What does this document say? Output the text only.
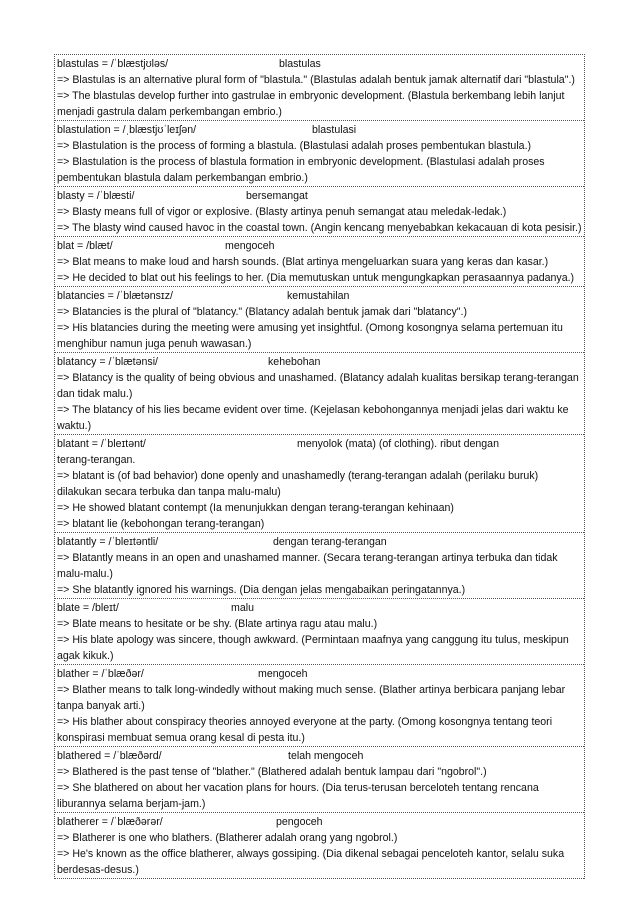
blastulas = /ˈblæstjʊləs/	blastulas
=> Blastulas is an alternative plural form of "blastula." (Blastulas adalah bentuk jamak alternatif dari "blastula".)
=> The blastulas develop further into gastrulae in embryonic development. (Blastula berkembang lebih lanjut menjadi gastrula dalam perkembangan embrio.)
blastulation = /ˌblæstjʊˈleɪʃən/	blastulasi
=> Blastulation is the process of forming a blastula. (Blastulasi adalah proses pembentukan blastula.)
=> Blastulation is the process of blastula formation in embryonic development. (Blastulasi adalah proses pembentukan blastula dalam perkembangan embrio.)
blasty = /ˈblæsti/	bersemangat
=> Blasty means full of vigor or explosive. (Blasty artinya penuh semangat atau meledak-ledak.)
=> The blasty wind caused havoc in the coastal town. (Angin kencang menyebabkan kekacauan di kota pesisir.)
blat = /blæt/	mengoceh
=> Blat means to make loud and harsh sounds. (Blat artinya mengeluarkan suara yang keras dan kasar.)
=> He decided to blat out his feelings to her. (Dia memutuskan untuk mengungkapkan perasaannya padanya.)
blatancies = /ˈblætənsɪz/	kemustahilan
=> Blatancies is the plural of "blatancy." (Blatancy adalah bentuk jamak dari "blatancy".)
=> His blatancies during the meeting were amusing yet insightful. (Omong kosongnya selama pertemuan itu menghibur namun juga penuh wawasan.)
blatancy = /ˈblætənsi/	kehebohan
=> Blatancy is the quality of being obvious and unashamed. (Blatancy adalah kualitas bersikap terang-terangan dan tidak malu.)
=> The blatancy of his lies became evident over time. (Kejelasan kebohongannya menjadi jelas dari waktu ke waktu.)
blatant = /ˈbleɪtənt/	menyolok (mata) (of clothing). ribut dengan
terang-terangan.
=> blatant is (of bad behavior) done openly and unashamedly (terang-terangan adalah (perilaku buruk) dilakukan secara terbuka dan tanpa malu-malu)
=> He showed blatant contempt (Ia menunjukkan dengan terang-terangan kehinaan)
=> blatant lie (kebohongan terang-terangan)
blatantly = /ˈbleɪtəntli/	dengan terang-terangan
=> Blatantly means in an open and unashamed manner. (Secara terang-terangan artinya terbuka dan tidak malu-malu.)
=> She blatantly ignored his warnings. (Dia dengan jelas mengabaikan peringatannya.)
blate = /bleɪt/	malu
=> Blate means to hesitate or be shy. (Blate artinya ragu atau malu.)
=> His blate apology was sincere, though awkward. (Permintaan maafnya yang canggung itu tulus, meskipun agak kikuk.)
blather = /ˈblæðər/	mengoceh
=> Blather means to talk long-windedly without making much sense. (Blather artinya berbicara panjang lebar tanpa banyak arti.)
=> His blather about conspiracy theories annoyed everyone at the party. (Omong kosongnya tentang teori konspirasi membuat semua orang kesal di pesta itu.)
blathered = /ˈblæðərd/	telah mengoceh
=> Blathered is the past tense of "blather." (Blathered adalah bentuk lampau dari "ngobrol".)
=> She blathered on about her vacation plans for hours. (Dia terus-terusan berceloteh tentang rencana liburannya selama berjam-jam.)
blatherer = /ˈblæðərər/	pengoceh
=> Blatherer is one who blathers. (Blatherer adalah orang yang ngobrol.)
=> He's known as the office blatherer, always gossiping. (Dia dikenal sebagai penceloteh kantor, selalu suka berdesas-desus.)
